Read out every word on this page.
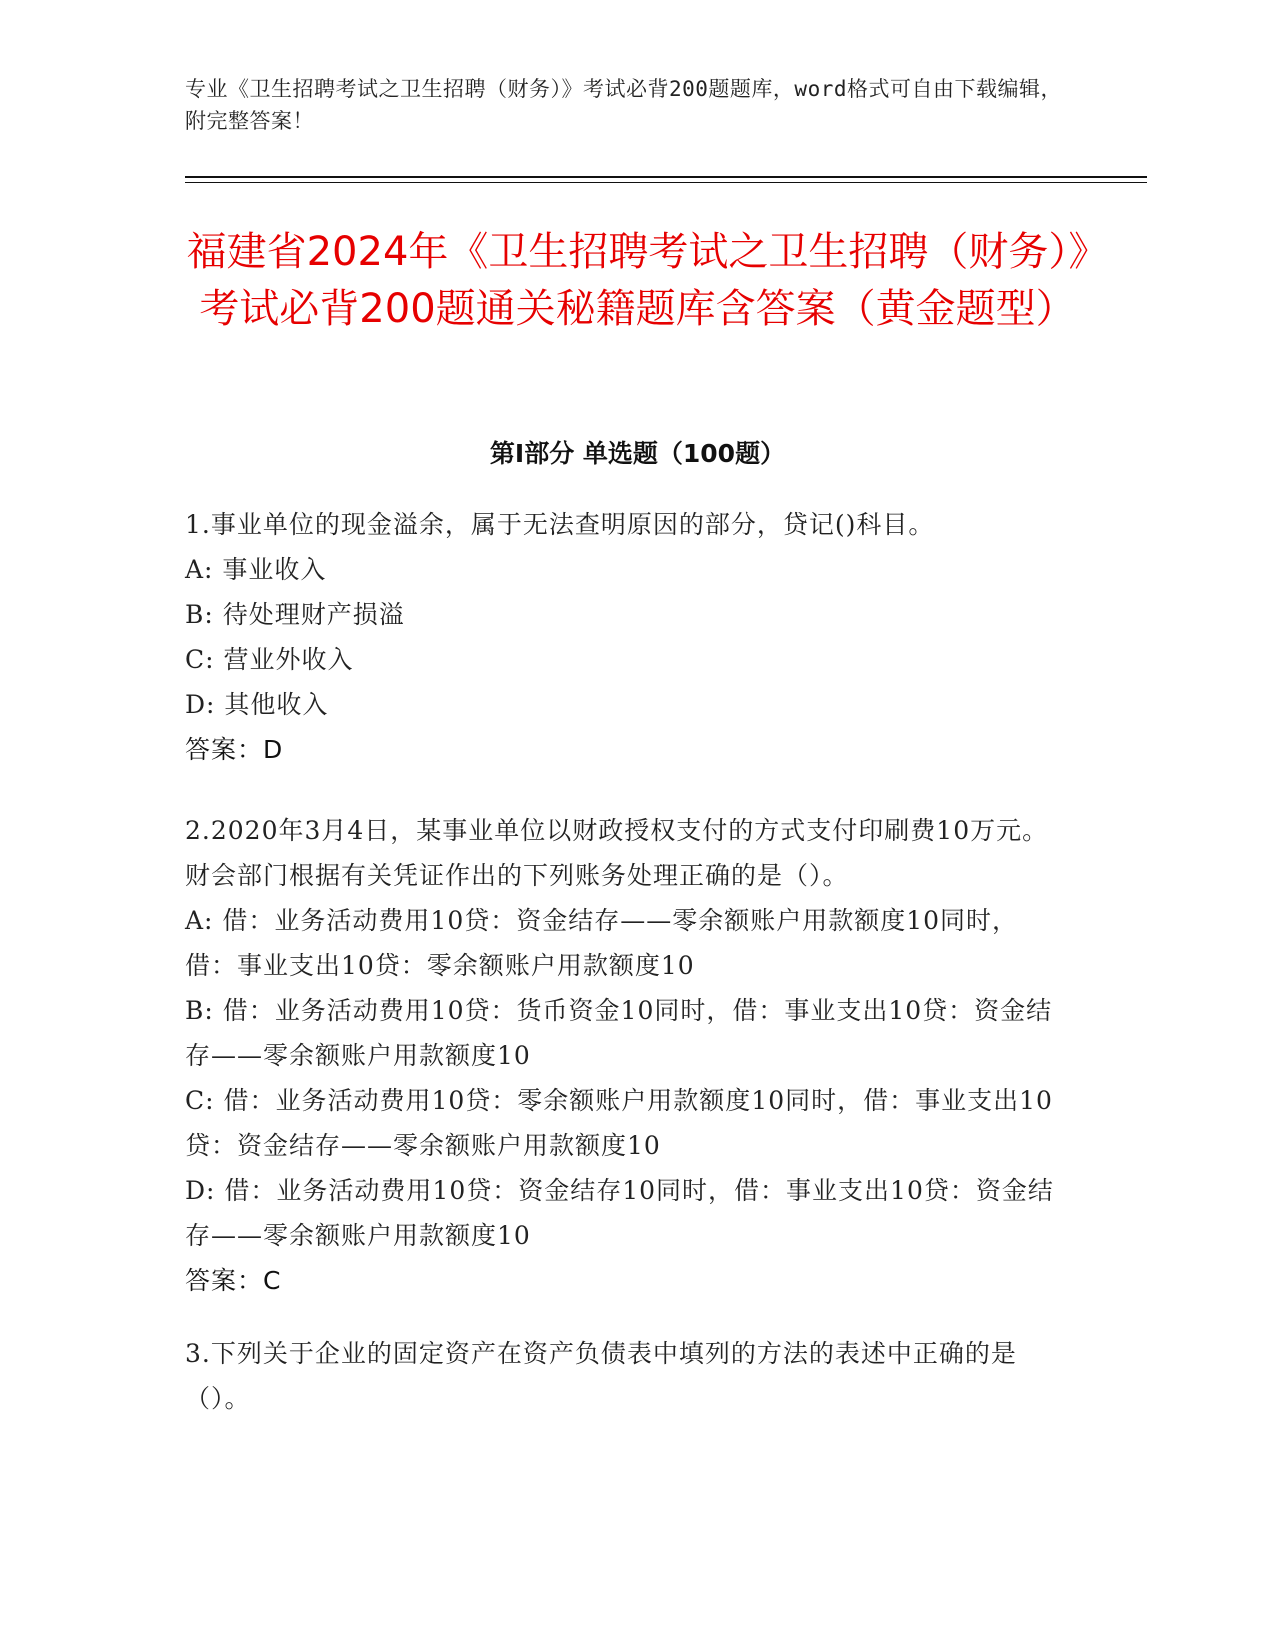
专业《卫生招聘考试之卫生招聘（财务）》考试必背200题题库，word格式可自由下载编辑，附完整答案！
福建省2024年《卫生招聘考试之卫生招聘（财务）》考试必背200题通关秘籍题库含答案（黄金题型）
第I部分 单选题（100题）
1.事业单位的现金溢余，属于无法查明原因的部分，贷记()科目。
A: 事业收入
B: 待处理财产损溢
C: 营业外收入
D: 其他收入
答案：D
2.2020年3月4日，某事业单位以财政授权支付的方式支付印刷费10万元。财会部门根据有关凭证作出的下列账务处理正确的是（）。
A: 借：业务活动费用10贷：资金结存——零余额账户用款额度10同时，借：事业支出10贷：零余额账户用款额度10
B: 借：业务活动费用10贷：货币资金10同时，借：事业支出10贷：资金结存——零余额账户用款额度10
C: 借：业务活动费用10贷：零余额账户用款额度10同时，借：事业支出10贷：资金结存——零余额账户用款额度10
D: 借：业务活动费用10贷：资金结存10同时，借：事业支出10贷：资金结存——零余额账户用款额度10
答案：C
3.下列关于企业的固定资产在资产负债表中填列的方法的表述中正确的是（）。
